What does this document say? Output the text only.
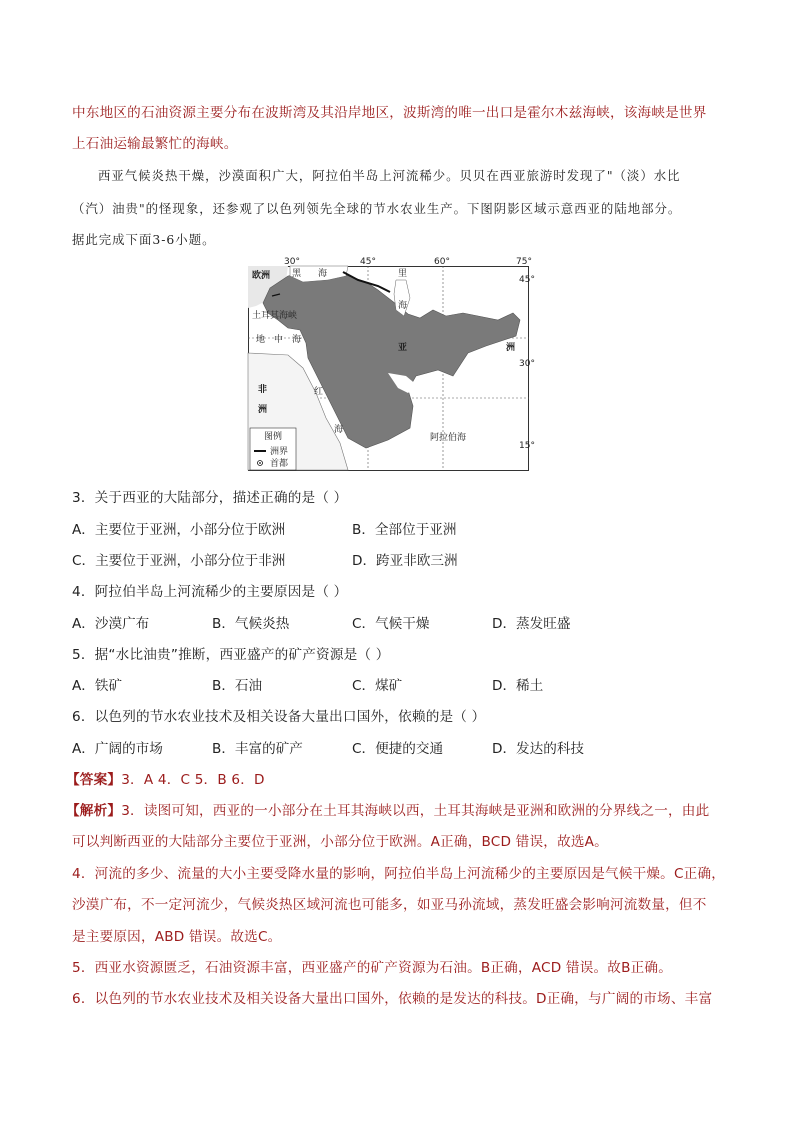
中东地区的石油资源主要分布在波斯湾及其沿岸地区，波斯湾的唯一出口是霍尔木兹海峡，该海峡是世界
上石油运输最繁忙的海峡。
西亚气候炎热干燥，沙漠面积广大，阿拉伯半岛上河流稀少。贝贝在西亚旅游时发现了"（淡）水比
（汽）油贵"的怪现象，还参观了以色列领先全球的节水农业生产。下图阴影区域示意西亚的陆地部分。
据此完成下面3-6小题。
30°	45°	60°	75°
45°
30°
15°
欧洲 黑 海	里
海
土耳其海峡
地 中 海
亚	洲
非
洲
红
海
阿拉伯海
图例
洲界
首都
3．关于西亚的大陆部分，描述正确的是（ ）
A．主要位于亚洲，小部分位于欧洲	B．全部位于亚洲
C．主要位于亚洲，小部分位于非洲	D．跨亚非欧三洲
4．阿拉伯半岛上河流稀少的主要原因是（ ）
A．沙漠广布	B．气候炎热	C．气候干燥	D．蒸发旺盛
5．据“水比油贵”推断，西亚盛产的矿产资源是（ ）
A．铁矿	B．石油	C．煤矿	D．稀土
6．以色列的节水农业技术及相关设备大量出口国外，依赖的是（ ）
A．广阔的市场	B．丰富的矿产	C．便捷的交通	D．发达的科技
【答案】3．A 4．C 5．B 6．D
【解析】3．读图可知，西亚的一小部分在土耳其海峡以西，土耳其海峡是亚洲和欧洲的分界线之一，由此
可以判断西亚的大陆部分主要位于亚洲，小部分位于欧洲。A正确，BCD 错误，故选A。
4．河流的多少、流量的大小主要受降水量的影响，阿拉伯半岛上河流稀少的主要原因是气候干燥。C正确，
沙漠广布，不一定河流少，气候炎热区域河流也可能多，如亚马孙流域，蒸发旺盛会影响河流数量，但不
是主要原因，ABD 错误。故选C。
5．西亚水资源匮乏，石油资源丰富，西亚盛产的矿产资源为石油。B正确，ACD 错误。故B正确。
6．以色列的节水农业技术及相关设备大量出口国外，依赖的是发达的科技。D正确，与广阔的市场、丰富
